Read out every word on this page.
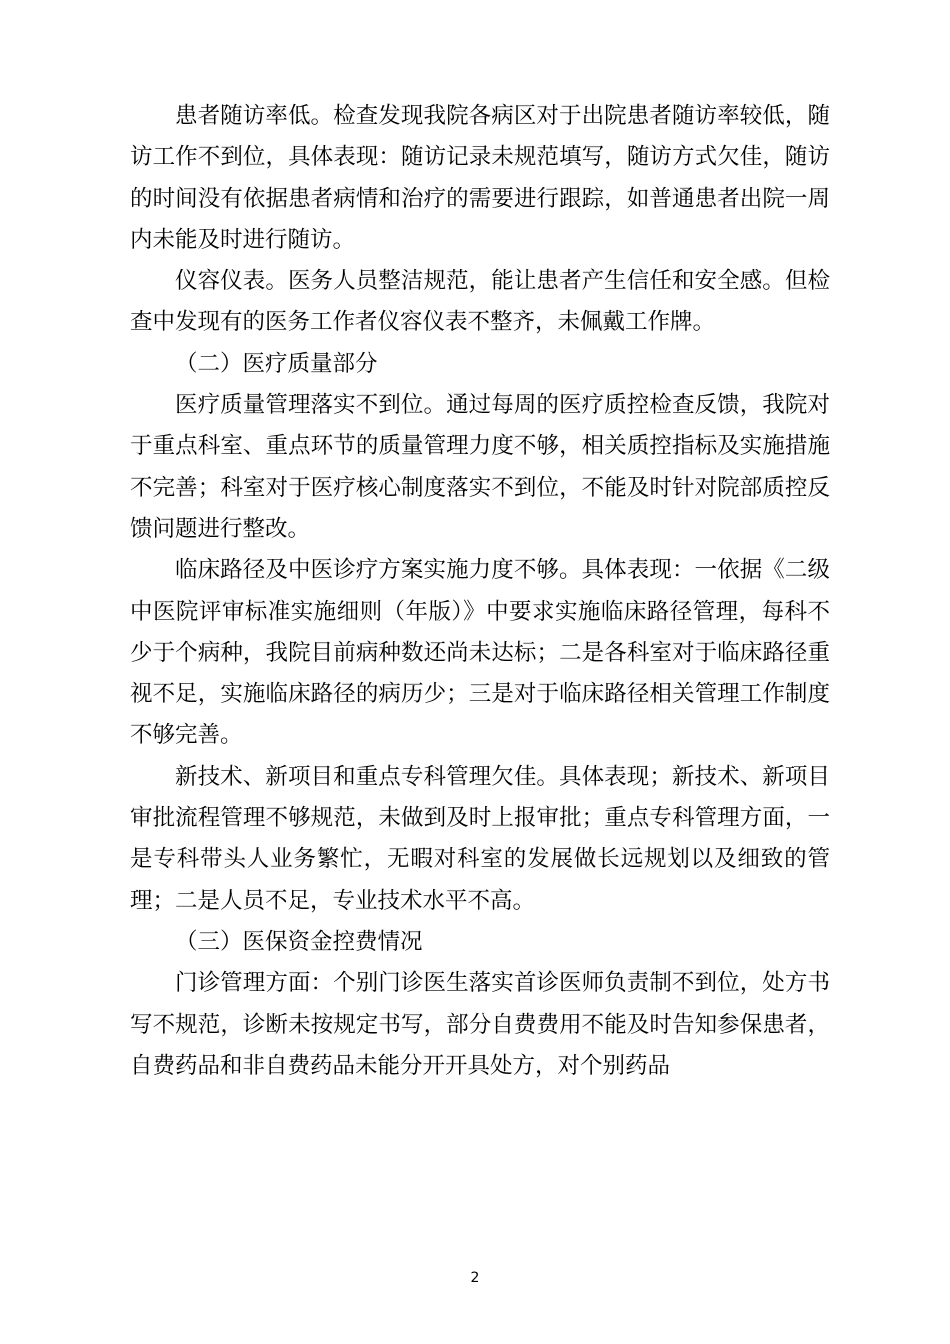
患者随访率低。检查发现我院各病区对于出院患者随访率较低，随访工作不到位，具体表现：随访记录未规范填写，随访方式欠佳，随访的时间没有依据患者病情和治疗的需要进行跟踪，如普通患者出院一周内未能及时进行随访。

仪容仪表。医务人员整洁规范，能让患者产生信任和安全感。但检查中发现有的医务工作者仪容仪表不整齐，未佩戴工作牌。

（二）医疗质量部分

医疗质量管理落实不到位。通过每周的医疗质控检查反馈，我院对于重点科室、重点环节的质量管理力度不够，相关质控指标及实施措施不完善；科室对于医疗核心制度落实不到位，不能及时针对院部质控反馈问题进行整改。

临床路径及中医诊疗方案实施力度不够。具体表现：一依据《二级中医院评审标准实施细则（年版）》中要求实施临床路径管理，每科不少于个病种，我院目前病种数还尚未达标；二是各科室对于临床路径重视不足，实施临床路径的病历少；三是对于临床路径相关管理工作制度不够完善。

新技术、新项目和重点专科管理欠佳。具体表现；新技术、新项目审批流程管理不够规范，未做到及时上报审批；重点专科管理方面，一是专科带头人业务繁忙，无暇对科室的发展做长远规划以及细致的管理；二是人员不足，专业技术水平不高。

（三）医保资金控费情况

门诊管理方面：个别门诊医生落实首诊医师负责制不到位，处方书写不规范，诊断未按规定书写，部分自费费用不能及时告知参保患者，自费药品和非自费药品未能分开开具处方，对个别药品

2
